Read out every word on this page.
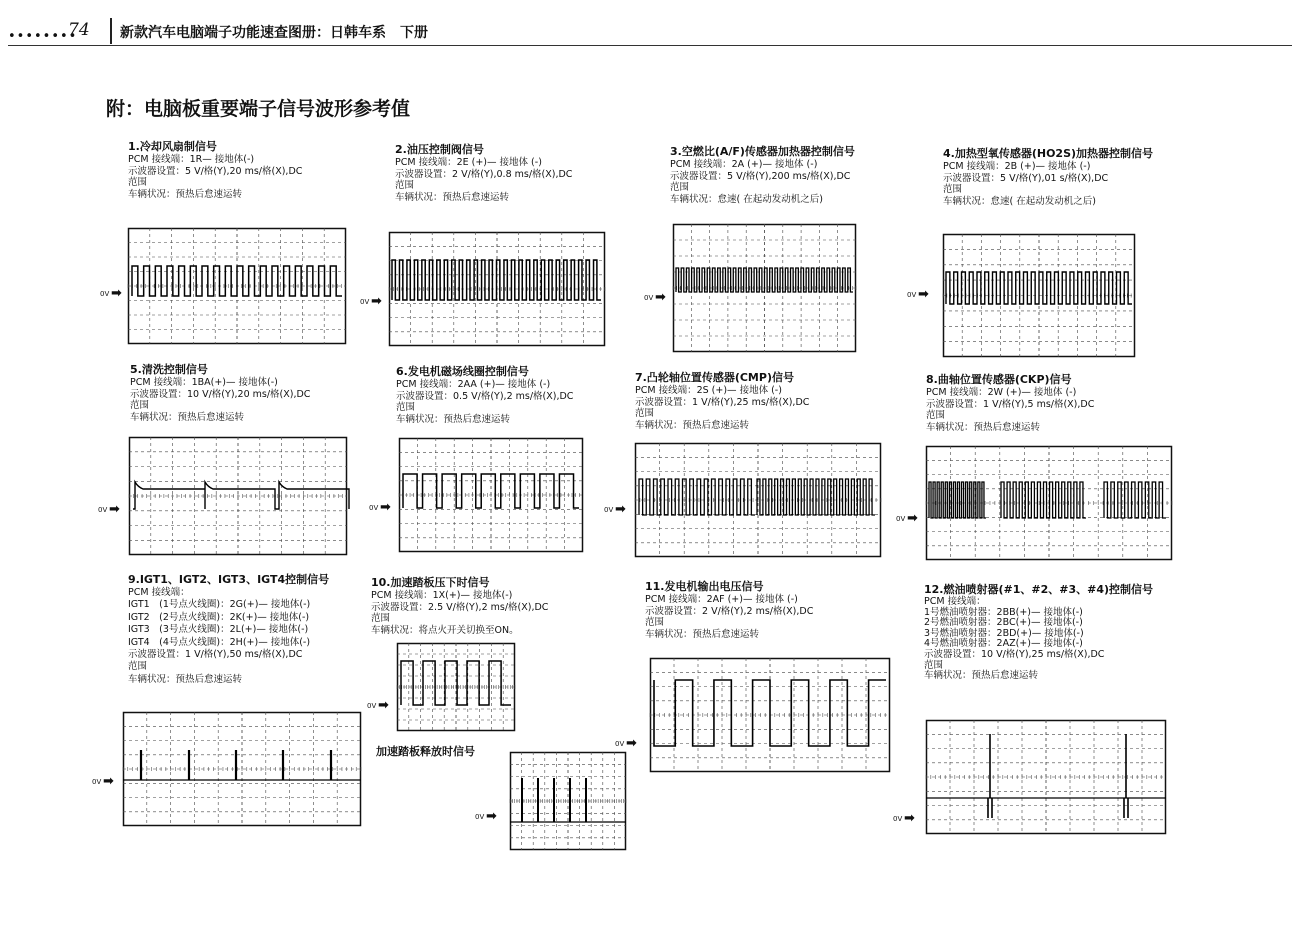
74
••••••••	新款汽车电脑端子功能速查图册：日韩车系　下册
附：电脑板重要端子信号波形参考值
1.冷却风扇制信号
PCM 接线端：1R— 接地体(-)
示波器设置：5 V/格(Y),20 ms/格(X),DC
范围
车辆状况：预热后怠速运转
2.油压控制阀信号
PCM 接线端：2E (+)— 接地体 (-)
示波器设置：2 V/格(Y),0.8 ms/格(X),DC
范围
车辆状况：预热后怠速运转
3.空燃比(A/F)传感器加热器控制信号
PCM 接线端：2A (+)— 接地体 (-)
示波器设置：5 V/格(Y),200 ms/格(X),DC
范围
车辆状况：怠速( 在起动发动机之后)
4.加热型氧传感器(HO2S)加热器控制信号
PCM 接线端：2B (+)— 接地体 (-)
示波器设置：5 V/格(Y),01 s/格(X),DC
范围
车辆状况：怠速( 在起动发动机之后)
5.清洗控制信号
PCM 接线端：1BA(+)— 接地体(-)
示波器设置：10 V/格(Y),20 ms/格(X),DC
范围
车辆状况：预热后怠速运转
6.发电机磁场线圈控制信号
PCM 接线端：2AA (+)— 接地体 (-)
示波器设置：0.5 V/格(Y),2 ms/格(X),DC
范围
车辆状况：预热后怠速运转
7.凸轮轴位置传感器(CMP)信号
PCM 接线端：2S (+)— 接地体 (-)
示波器设置：1 V/格(Y),25 ms/格(X),DC
范围
车辆状况：预热后怠速运转
8.曲轴位置传感器(CKP)信号
PCM 接线端：2W (+)— 接地体 (-)
示波器设置：1 V/格(Y),5 ms/格(X),DC
范围
车辆状况：预热后怠速运转
9.IGT1、IGT2、IGT3、IGT4控制信号
PCM 接线端：
IGT1　(1号点火线圈)：2G(+)— 接地体(-)
IGT2　(2号点火线圈)：2K(+)— 接地体(-)
IGT3　(3号点火线圈)：2L(+)— 接地体(-)
IGT4　(4号点火线圈)：2H(+)— 接地体(-)
示波器设置：1 V/格(Y),50 ms/格(X),DC
范围
车辆状况：预热后怠速运转
10.加速踏板压下时信号
PCM 接线端：1X(+)— 接地体(-)
示波器设置：2.5 V/格(Y),2 ms/格(X),DC
范围
车辆状况：将点火开关切换至ON。
11.发电机输出电压信号
PCM 接线端：2AF (+)— 接地体 (-)
示波器设置：2 V/格(Y),2 ms/格(X),DC
范围
车辆状况：预热后怠速运转
12.燃油喷射器(#1、#2、#3、#4)控制信号
PCM 接线端：
1号燃油喷射器：2BB(+)— 接地体(-)
2号燃油喷射器：2BC(+)— 接地体(-)
3号燃油喷射器：2BD(+)— 接地体(-)
4号燃油喷射器：2AZ(+)— 接地体(-)
示波器设置：10 V/格(Y),25 ms/格(X),DC
范围
车辆状况：预热后怠速运转
加速踏板释放时信号
0V ➡
0V ➡	0V ➡	0V ➡
0V ➡	0V ➡	0V ➡
0V ➡
0V ➡
0V ➡
0V ➡
0V ➡
0V ➡
